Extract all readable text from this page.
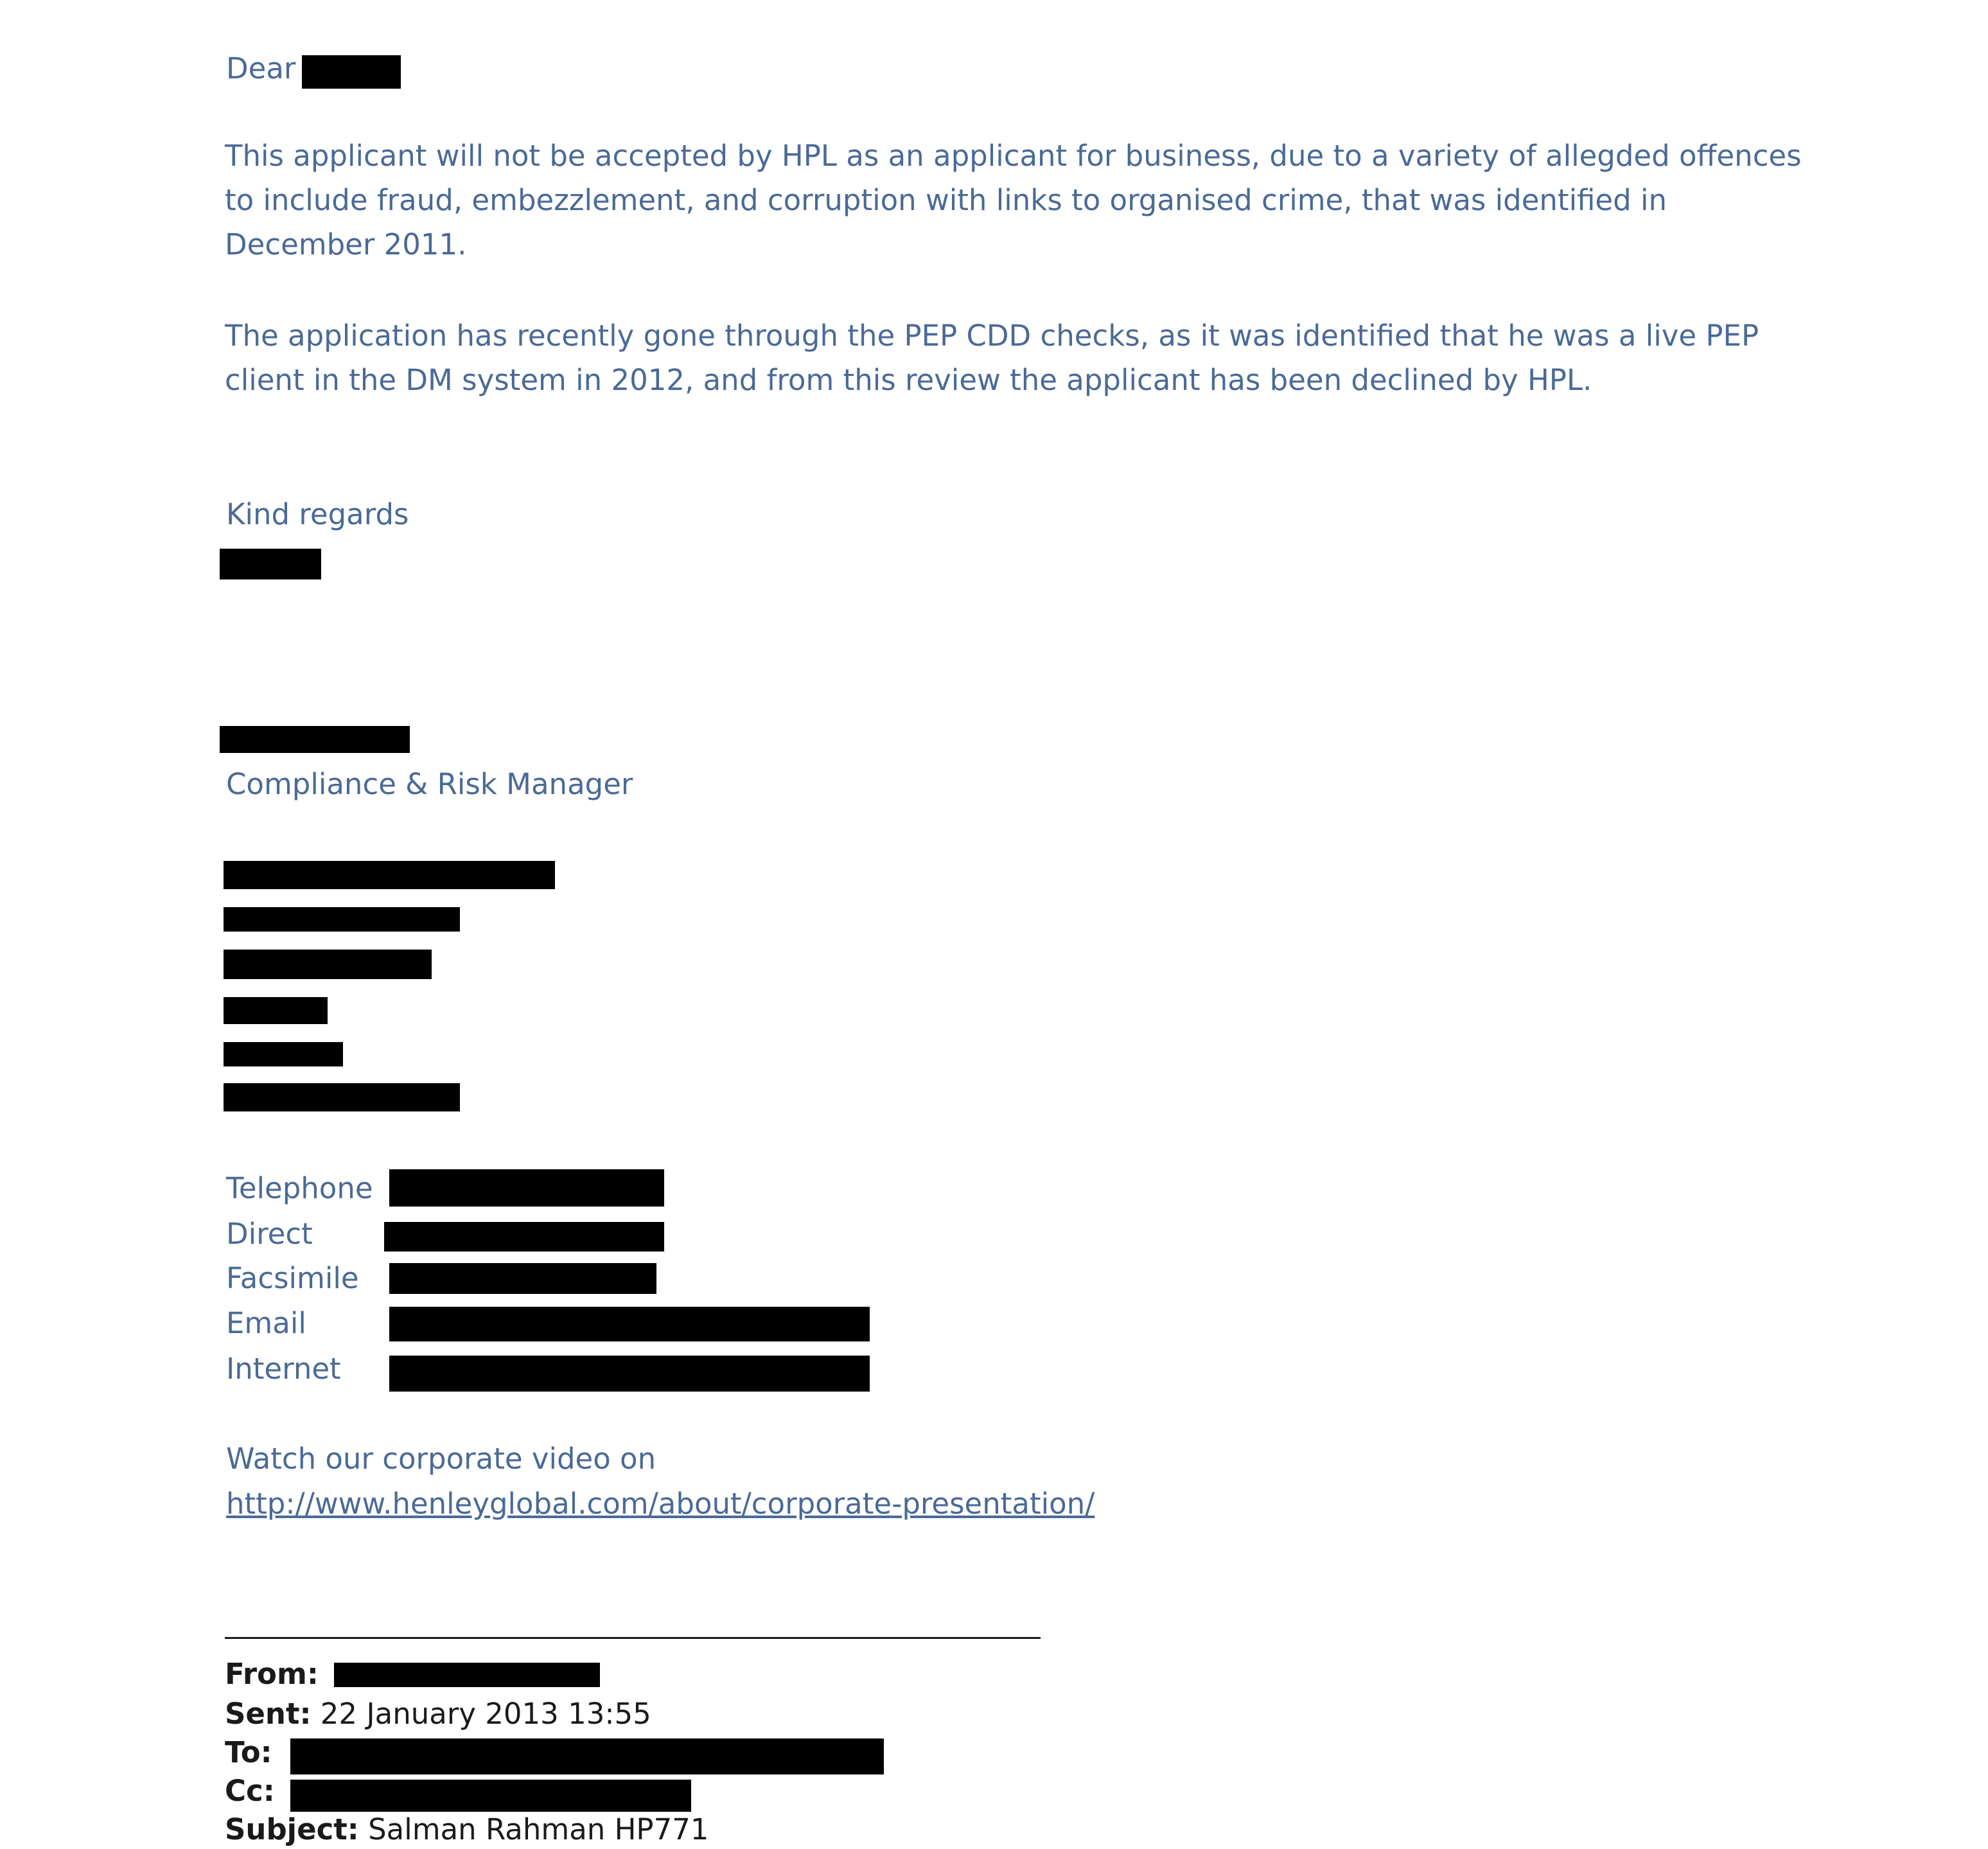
Dear

This applicant will not be accepted by HPL as an applicant for business, due to a variety of allegded offences to include fraud, embezzlement, and corruption with links to organised crime, that was identified in December 2011.

The application has recently gone through the PEP CDD checks, as it was identified that he was a live PEP client in the DM system in 2012, and from this review the applicant has been declined by HPL.

Kind regards
Compliance & Risk Manager
Telephone
Direct
Facsimile
Email
Internet
Watch our corporate video on
http://www.henleyglobal.com/about/corporate-presentation/
From:
Sent: 22 January 2013 13:55
To:
Cc:
Subject: Salman Rahman HP771
